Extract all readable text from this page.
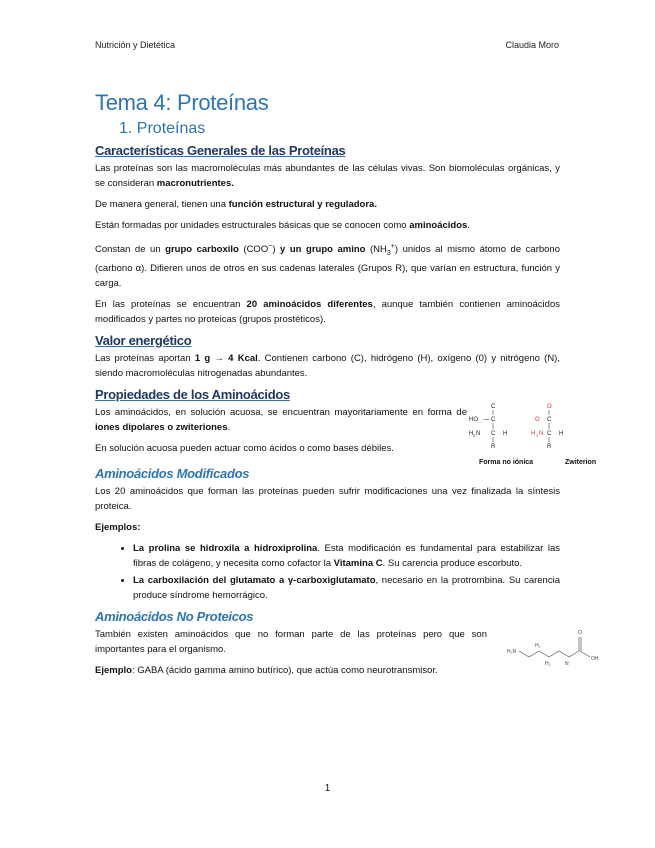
Nutrición y Dietética	Claudia Moro
Tema 4: Proteínas
1. Proteínas
Características Generales de las Proteínas

Las proteínas son las macromoléculas más abundantes de las células vivas. Son biomoléculas orgánicas, y se consideran macronutrientes.

De manera general, tienen una función estructural y reguladora.

Están formadas por unidades estructurales básicas que se conocen como aminoácidos.

Constan de un grupo carboxilo (COO−) y un grupo amino $(NH_3^+)$ unidos al mismo átomo de carbono (carbono α). Difieren unos de otros en sus cadenas laterales (Grupos R), que varían en estructura, función y carga.

En las proteínas se encuentran 20 aminoácidos diferentes, aunque también contienen aminoácidos modificados y partes no proteicas (grupos prostéticos).

Valor energético

Las proteínas aportan 1 g → 4 Kcal. Contienen carbono (C), hidrógeno (H), oxígeno (0) y nitrógeno (N), siendo macromoléculas nitrogenadas abundantes.

Propiedades de los Aminoácidos

Los aminoácidos, en solución acuosa, se encuentran mayoritariamente en forma de iones dipolares o zwiteriones.

En solución acuosa pueden actuar como ácidos o como bases débiles.

C
HO — C
H 2 N C H
R
O
O C
H 3 N C H
R
Forma no iónica	Zwiterion
Aminoácidos Modificados

Los 20 aminoácidos que forman las proteínas pueden sufrir modificaciones una vez finalizada la síntesis proteica.

Ejemplos:

• La prolina se hidroxila a hidroxiprolina. Esta modificación es fundamental para estabilizar las fibras de colágeno, y necesita como cofactor la Vitamina C. Su carencia produce escorbuto.
• La carboxilación del glutamato a γ-carboxiglutamato, necesario en la protrombina. Su carencia produce síndrome hemorrágico.
Aminoácidos No Proteicos

También existen aminoácidos que no forman parte de las proteínas pero que son importantes para el organismo.

Ejemplo: GABA (ácido gamma amino butírico), que actúa como neurotransmisor.

H₂N
H₂
H₂	N
O
OH
1
